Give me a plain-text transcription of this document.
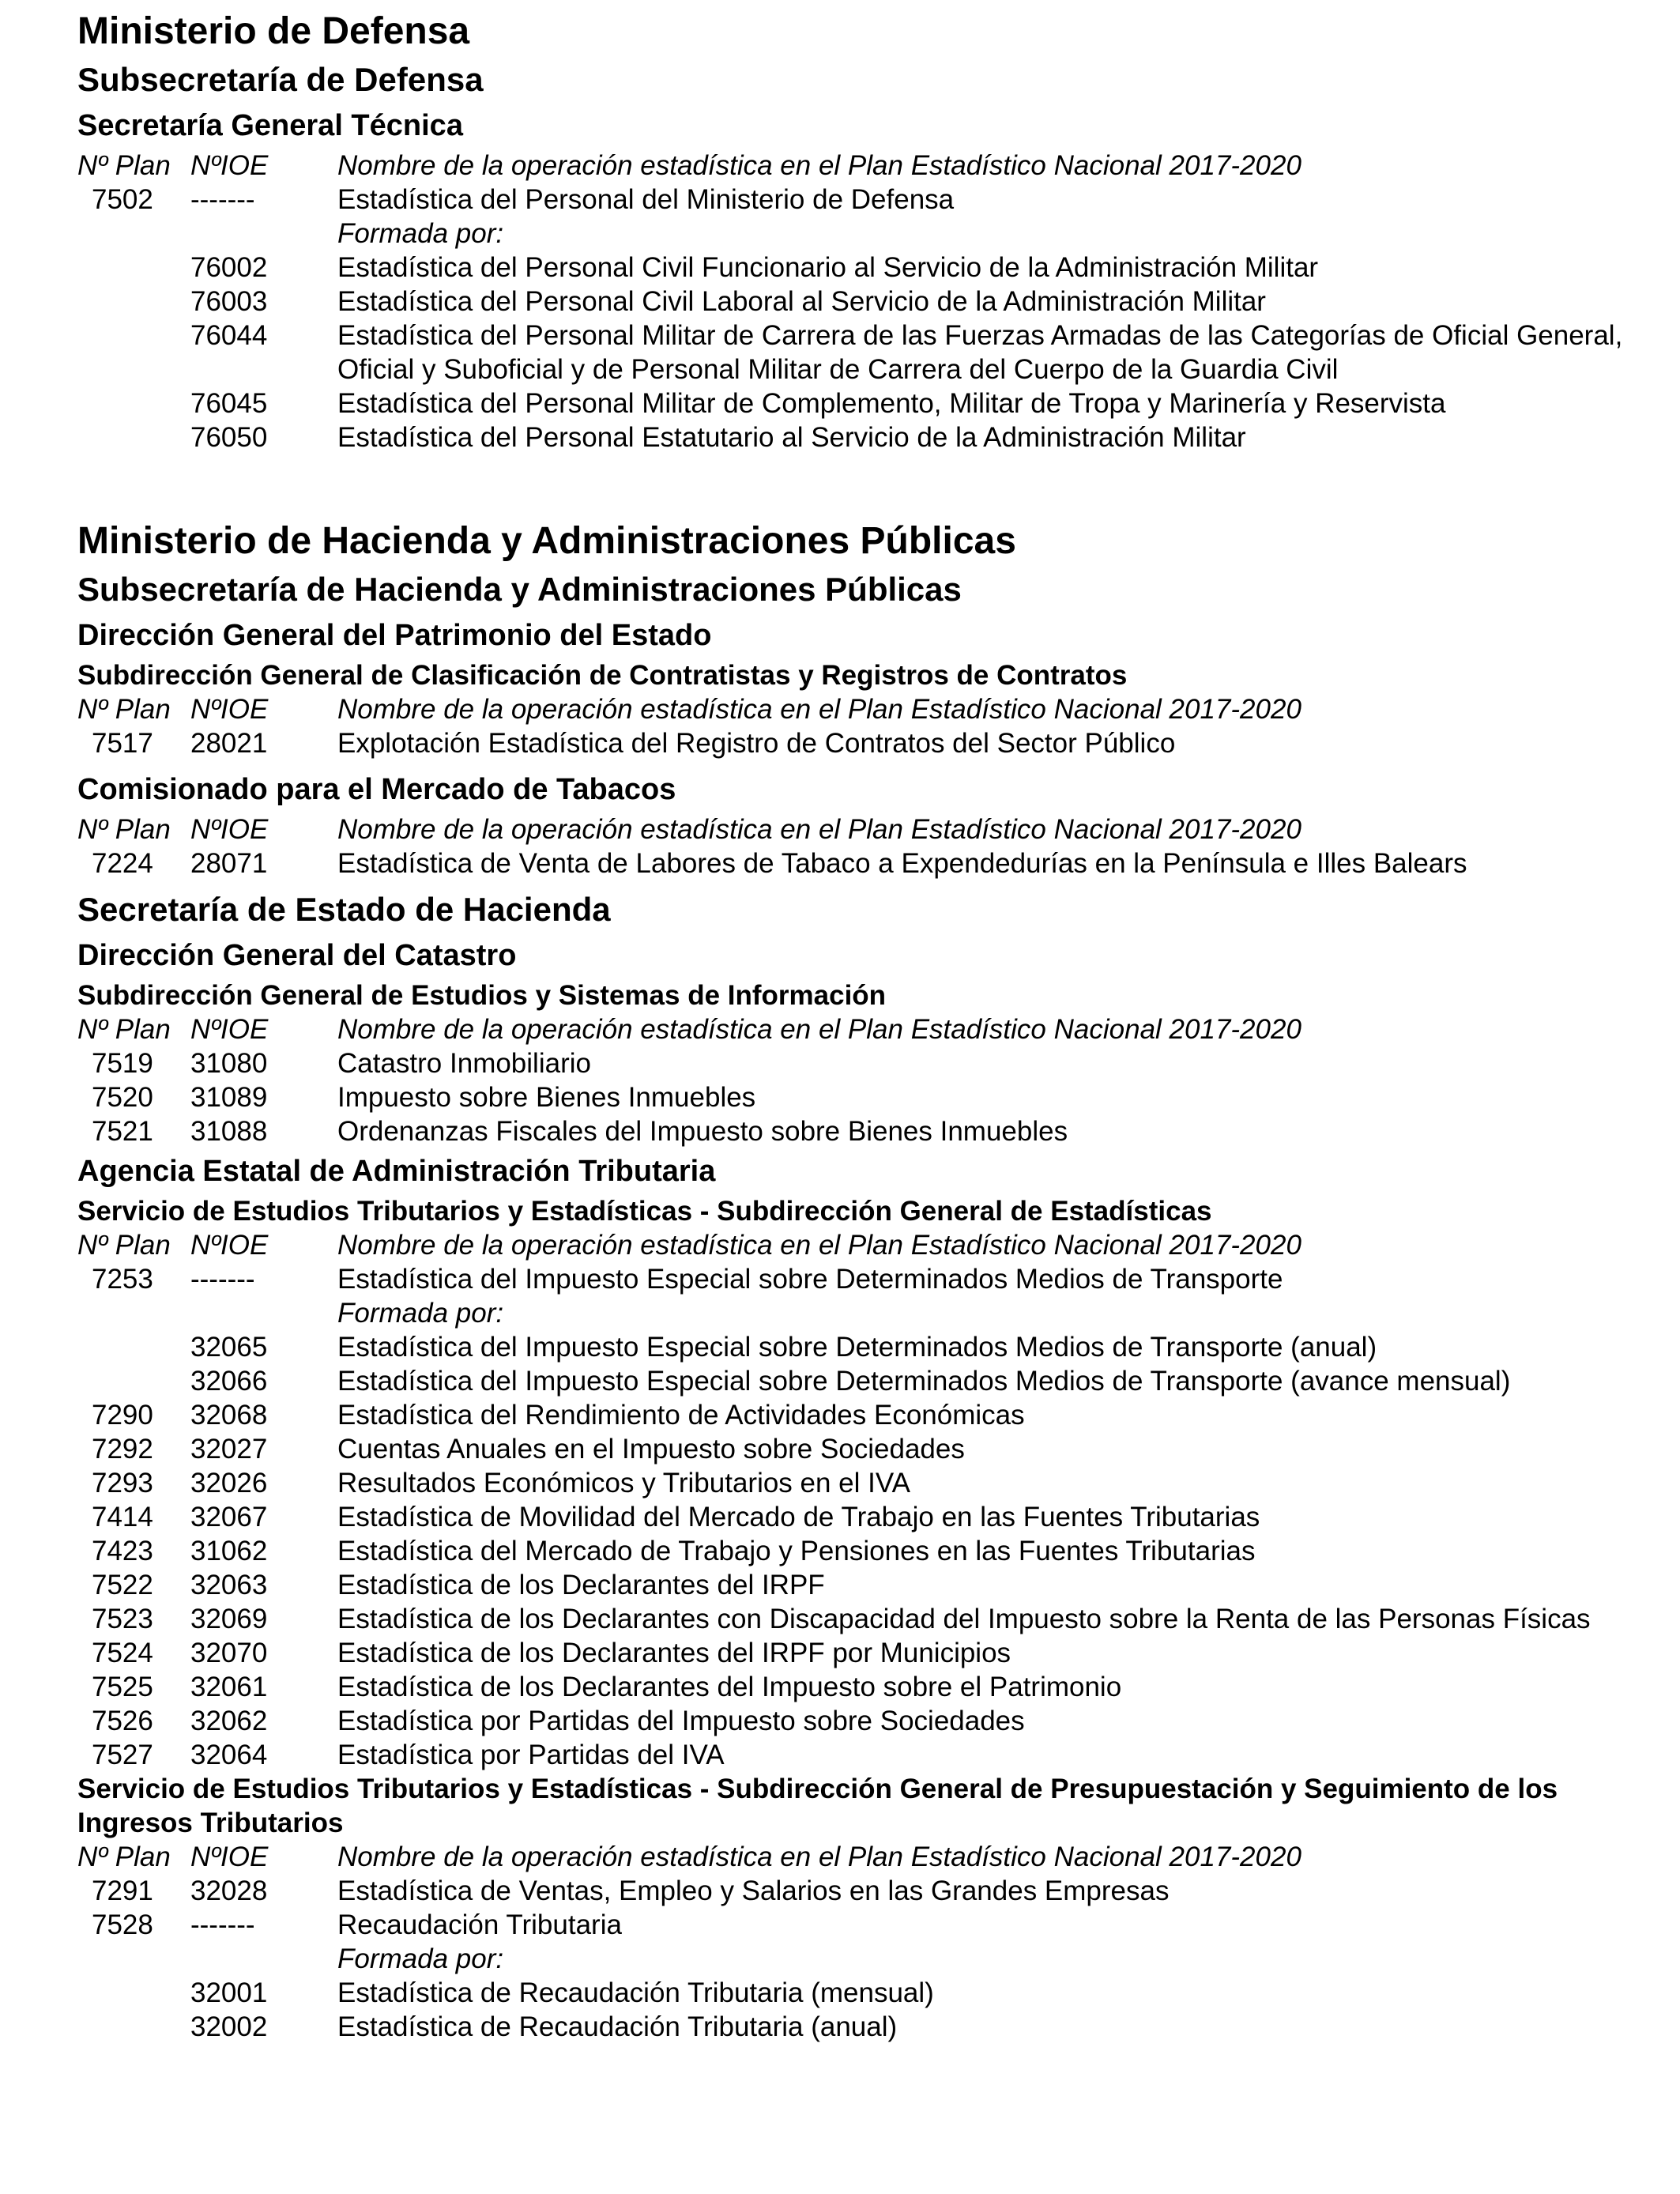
Ministerio de Defensa
Subsecretaría de Defensa
Secretaría General Técnica
Nº Plan NºIOE	Nombre de la operación estadística en el Plan Estadístico Nacional 2017-2020
7502 -------	Estadística del Personal del Ministerio de Defensa
Formada por:
76002	Estadística del Personal Civil Funcionario al Servicio de la Administración Militar
76003	Estadística del Personal Civil Laboral al Servicio de la Administración Militar
76044	Estadística del Personal Militar de Carrera de las Fuerzas Armadas de las Categorías de Oficial General, Oficial y Suboficial y de Personal Militar de Carrera del Cuerpo de la Guardia Civil
76045	Estadística del Personal Militar de Complemento, Militar de Tropa y Marinería y Reservista
76050	Estadística del Personal Estatutario al Servicio de la Administración Militar
Ministerio de Hacienda y Administraciones Públicas
Subsecretaría de Hacienda y Administraciones Públicas
Dirección General del Patrimonio del Estado
Subdirección General de Clasificación de Contratistas y Registros de Contratos
Nº Plan NºIOE	Nombre de la operación estadística en el Plan Estadístico Nacional 2017-2020
7517 28021	Explotación Estadística del Registro de Contratos del Sector Público
Comisionado para el Mercado de Tabacos
Nº Plan NºIOE	Nombre de la operación estadística en el Plan Estadístico Nacional 2017-2020
7224 28071	Estadística de Venta de Labores de Tabaco a Expendedurías en la Península e Illes Balears
Secretaría de Estado de Hacienda
Dirección General del Catastro
Subdirección General de Estudios y Sistemas de Información
Nº Plan NºIOE	Nombre de la operación estadística en el Plan Estadístico Nacional 2017-2020
7519 31080	Catastro Inmobiliario
7520 31089	Impuesto sobre Bienes Inmuebles
7521 31088	Ordenanzas Fiscales del Impuesto sobre Bienes Inmuebles
Agencia Estatal de Administración Tributaria
Servicio de Estudios Tributarios y Estadísticas - Subdirección General de Estadísticas
Nº Plan NºIOE	Nombre de la operación estadística en el Plan Estadístico Nacional 2017-2020
7253 -------	Estadística del Impuesto Especial sobre Determinados Medios de Transporte
Formada por:
32065	Estadística del Impuesto Especial sobre Determinados Medios de Transporte (anual)
32066	Estadística del Impuesto Especial sobre Determinados Medios de Transporte (avance mensual)
7290 32068	Estadística del Rendimiento de Actividades Económicas
7292 32027	Cuentas Anuales en el Impuesto sobre Sociedades
7293 32026	Resultados Económicos y Tributarios en el IVA
7414 32067	Estadística de Movilidad del Mercado de Trabajo en las Fuentes Tributarias
7423 31062	Estadística del Mercado de Trabajo y Pensiones en las Fuentes Tributarias
7522 32063	Estadística de los Declarantes del IRPF
7523 32069	Estadística de los Declarantes con Discapacidad del Impuesto sobre la Renta de las Personas Físicas
7524 32070	Estadística de los Declarantes del IRPF por Municipios
7525 32061	Estadística de los Declarantes del Impuesto sobre el Patrimonio
7526 32062	Estadística por Partidas del Impuesto sobre Sociedades
7527 32064	Estadística por Partidas del IVA
Servicio de Estudios Tributarios y Estadísticas - Subdirección General de Presupuestación y Seguimiento de los Ingresos Tributarios
Nº Plan NºIOE	Nombre de la operación estadística en el Plan Estadístico Nacional 2017-2020
7291 32028	Estadística de Ventas, Empleo y Salarios en las Grandes Empresas
7528 -------	Recaudación Tributaria
Formada por:
32001	Estadística de Recaudación Tributaria (mensual)
32002	Estadística de Recaudación Tributaria (anual)
